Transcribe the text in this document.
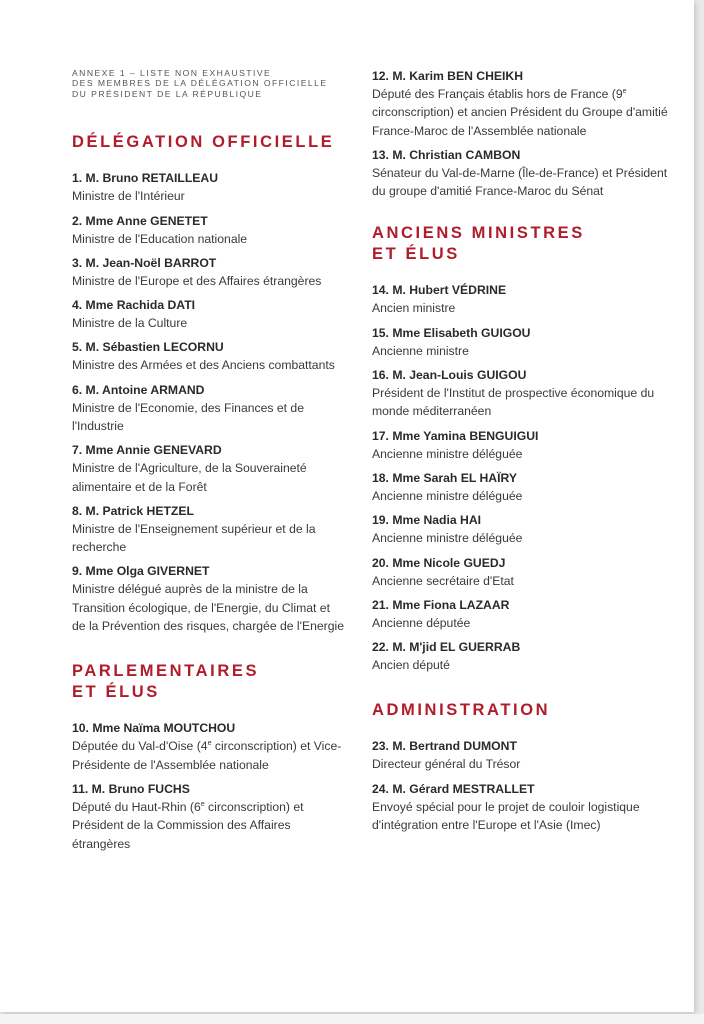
ANNEXE 1 – LISTE NON EXHAUSTIVE

DES MEMBRES DE LA DÉLÉGATION OFFICIELLE

DU PRÉSIDENT DE LA RÉPUBLIQUE

DÉLÉGATION OFFICIELLE
1. M. Bruno RETAILLEAU
Ministre de l'Intérieur
2. Mme Anne GENETET
Ministre de l'Education nationale
3. M. Jean-Noël BARROT
Ministre de l'Europe et des Affaires étrangères
4. Mme Rachida DATI
Ministre de la Culture
5. M. Sébastien LECORNU
Ministre des Armées et des Anciens combattants
6. M. Antoine ARMAND
Ministre de l'Economie, des Finances et de l'Industrie
7. Mme Annie GENEVARD
Ministre de l'Agriculture, de la Souveraineté alimentaire et de la Forêt
8. M. Patrick HETZEL
Ministre de l'Enseignement supérieur et de la recherche
9. Mme Olga GIVERNET
Ministre délégué auprès de la ministre de la Transition écologique, de l'Energie, du Climat et de la Prévention des risques, chargée de l'Energie
PARLEMENTAIRES
ET ÉLUS
10. Mme Naïma MOUTCHOU
Députée du Val-d'Oise (4e circonscription) et Vice-Présidente de l'Assemblée nationale
11. M. Bruno FUCHS
Député du Haut-Rhin (6e circonscription) et Président de la Commission des Affaires étrangères
12. M. Karim BEN CHEIKH
Député des Français établis hors de France (9e circonscription) et ancien Président du Groupe d'amitié France-Maroc de l'Assemblée nationale
13. M. Christian CAMBON
Sénateur du Val-de-Marne (Île-de-France) et Président du groupe d'amitié France-Maroc du Sénat
ANCIENS MINISTRES
ET ÉLUS
14. M. Hubert VÉDRINE
Ancien ministre
15. Mme Elisabeth GUIGOU
Ancienne ministre
16. M. Jean-Louis GUIGOU
Président de l'Institut de prospective économique du monde méditerranéen
17. Mme Yamina BENGUIGUI
Ancienne ministre déléguée
18. Mme Sarah EL HAÏRY
Ancienne ministre déléguée
19. Mme Nadia HAI
Ancienne ministre déléguée
20. Mme Nicole GUEDJ
Ancienne secrétaire d'Etat
21. Mme Fiona LAZAAR
Ancienne députée
22. M. M'jid EL GUERRAB
Ancien député
ADMINISTRATION
23. M. Bertrand DUMONT
Directeur général du Trésor
24. M. Gérard MESTRALLET
Envoyé spécial pour le projet de couloir logistique d'intégration entre l'Europe et l'Asie (Imec)
